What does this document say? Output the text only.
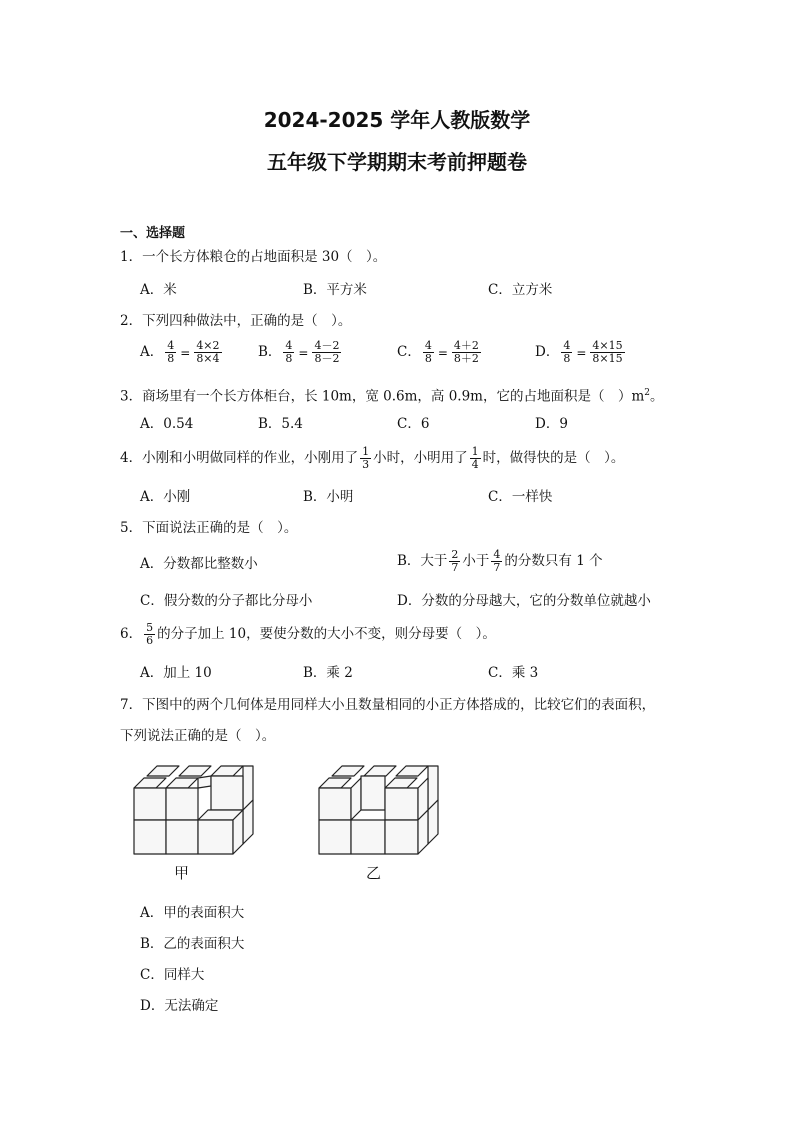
2024-2025 学年人教版数学
五年级下学期期末考前押题卷
一、选择题
1．一个长方体粮仓的占地面积是 30（　）。
A．米	B．平方米	C．立方米
2．下列四种做法中，正确的是（　）。
A． $\frac{4}{8} = \frac{4\times 2}{8\times 4}$	B． $\frac{4}{8} = \frac{4-2}{8-2}$	C． $\frac{4}{8} = \frac{4+2}{8+2}$	D． $\frac{4}{8} = \frac{4\times 15}{8\times 15}$
3．商场里有一个长方体柜台，长 10m，宽 0.6m，高 0.9m，它的占地面积是（　）$m^2$。
A．0.54	B．5.4	C．6	D．9
4．小刚和小明做同样的作业，小刚用了 $\frac{1}{3}$ 小时，小明用了 $\frac{1}{4}$ 时，做得快的是（　）。
A．小刚	B．小明	C．一样快
5．下面说法正确的是（　）。
A．分数都比整数小	B．大于 $\frac{2}{7}$ 小于 $\frac{4}{7}$ 的分数只有 1 个
C．假分数的分子都比分母小	D．分数的分母越大，它的分数单位就越小
6． $\frac{5}{6}$ 的分子加上 10，要使分数的大小不变，则分母要（　）。
A．加上 10	B．乘 2	C．乘 3
7．下图中的两个几何体是用同样大小且数量相同的小正方体搭成的，比较它们的表面积，
下列说法正确的是（　）。
甲	乙
A．甲的表面积大
B．乙的表面积大
C．同样大
D．无法确定
